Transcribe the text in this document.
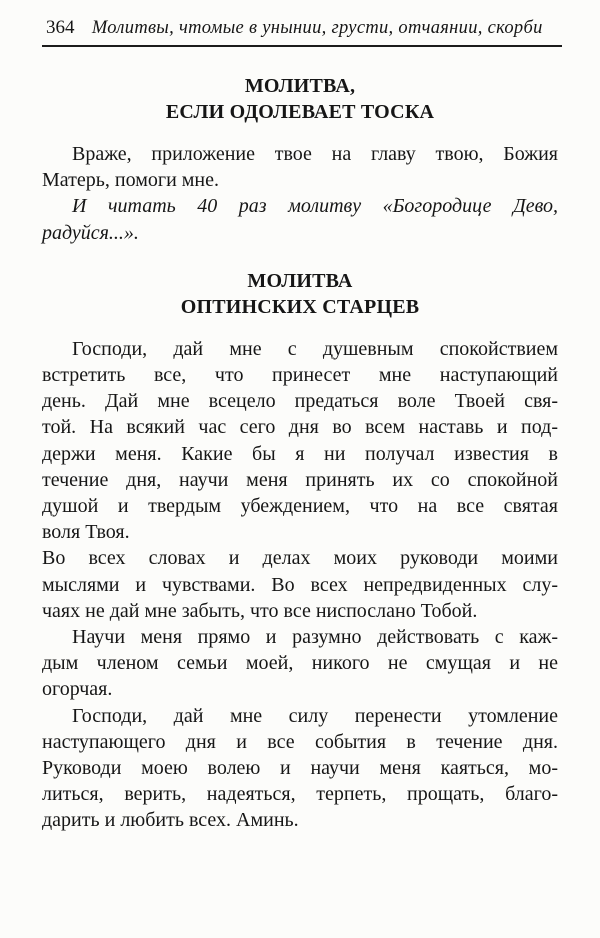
364 Молитвы, чтомые в унынии, грусти, отчаянии, скорби
МОЛИТВА,
ЕСЛИ ОДОЛЕВАЕТ ТОСКА
Враже, приложение твое на главу твою, Божия
Матерь, помоги мне.
И читать 40 раз молитву «Богородице Дево,
радуйся...».
МОЛИТВА
ОПТИНСКИХ СТАРЦЕВ
Господи, дай мне с душевным спокойствием
встретить все, что принесет мне наступающий
день. Дай мне всецело предаться воле Твоей свя-
той. На всякий час сего дня во всем наставь и под-
держи меня. Какие бы я ни получал известия в
течение дня, научи меня принять их со спокойной
душой и твердым убеждением, что на все святая
воля Твоя.
Во всех словах и делах моих руководи моими
мыслями и чувствами. Во всех непредвиденных слу-
чаях не дай мне забыть, что все ниспослано Тобой.
Научи меня прямо и разумно действовать с каж-
дым членом семьи моей, никого не смущая и не
огорчая.
Господи, дай мне силу перенести утомление
наступающего дня и все события в течение дня.
Руководи моею волею и научи меня каяться, мо-
литься, верить, надеяться, терпеть, прощать, благо-
дарить и любить всех. Аминь.
